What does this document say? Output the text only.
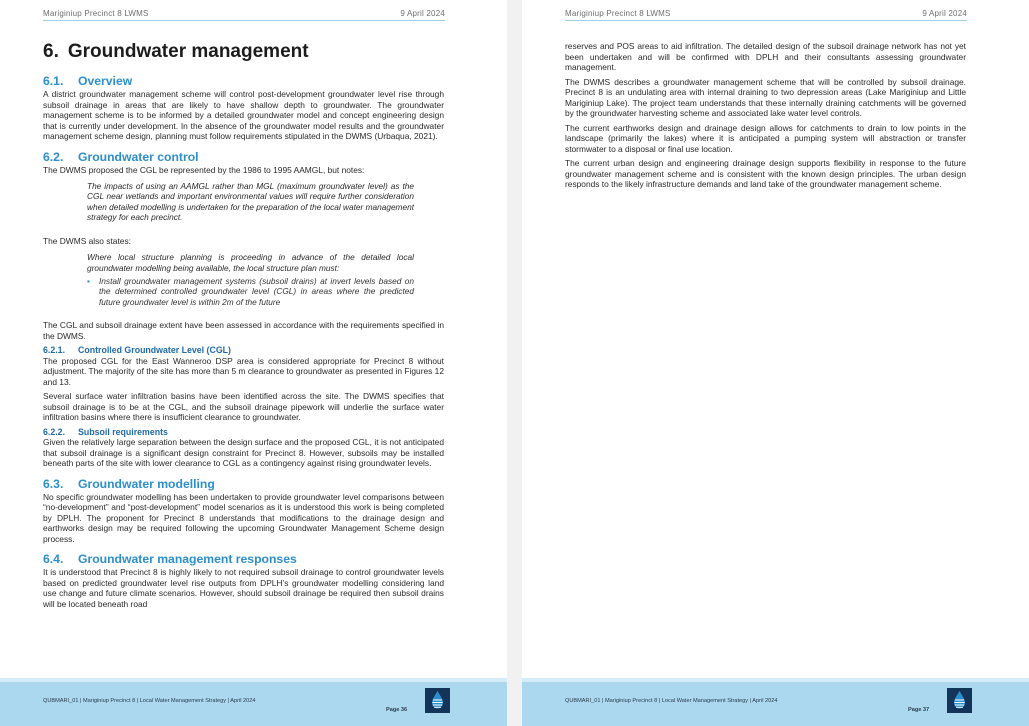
Mariginiup Precinct 8 LWMS	9 April 2024
6. Groundwater management
6.1. Overview

A district groundwater management scheme will control post-development groundwater level rise through subsoil drainage in areas that are likely to have shallow depth to groundwater. The groundwater management scheme is to be informed by a detailed groundwater model and concept engineering design that is currently under development. In the absence of the groundwater model results and the groundwater management scheme design, planning must follow requirements stipulated in the DWMS (Urbaqua, 2021).

6.2. Groundwater control

The DWMS proposed the CGL be represented by the 1986 to 1995 AAMGL, but notes:

The impacts of using an AAMGL rather than MGL (maximum groundwater level) as the CGL near wetlands and important environmental values will require further consideration when detailed modelling is undertaken for the preparation of the local water management strategy for each precinct.

The DWMS also states:

Where local structure planning is proceeding in advance of the detailed local groundwater modelling being available, the local structure plan must:

▪ Install groundwater management systems (subsoil drains) at invert levels based on the determined controlled groundwater level (CGL) in areas where the predicted future groundwater level is within 2m of the future

The CGL and subsoil drainage extent have been assessed in accordance with the requirements specified in the DWMS.

6.2.1. Controlled Groundwater Level (CGL)

The proposed CGL for the East Wanneroo DSP area is considered appropriate for Precinct 8 without adjustment. The majority of the site has more than 5 m clearance to groundwater as presented in Figures 12 and 13.

Several surface water infiltration basins have been identified across the site. The DWMS specifies that subsoil drainage is to be at the CGL, and the subsoil drainage pipework will underlie the surface water infiltration basins where there is insufficient clearance to groundwater.

6.2.2. Subsoil requirements

Given the relatively large separation between the design surface and the proposed CGL, it is not anticipated that subsoil drainage is a significant design constraint for Precinct 8. However, subsoils may be installed beneath parts of the site with lower clearance to CGL as a contingency against rising groundwater levels.

6.3. Groundwater modelling

No specific groundwater modelling has been undertaken to provide groundwater level comparisons between “no-development” and “post-development” model scenarios as it is understood this work is being completed by DPLH. The proponent for Precinct 8 understands that modifications to the drainage design and earthworks design may be required following the upcoming Groundwater Management Scheme design process.

6.4. Groundwater management responses

It is understood that Precinct 8 is highly likely to not required subsoil drainage to control groundwater levels based on predicted groundwater level rise outputs from DPLH’s groundwater modelling considering land use change and future climate scenarios. However, should subsoil drainage be required then subsoil drains will be located beneath road

QUBMARI_01 | Mariginiup Precinct 8 | Local Water Management Strategy | April 2024
Page 36
Mariginiup Precinct 8 LWMS	9 April 2024

reserves and POS areas to aid infiltration. The detailed design of the subsoil drainage network has not yet been undertaken and will be confirmed with DPLH and their consultants assessing groundwater management.

The DWMS describes a groundwater management scheme that will be controlled by subsoil drainage. Precinct 8 is an undulating area with internal draining to two depression areas (Lake Mariginiup and Little Mariginiup Lake). The project team understands that these internally draining catchments will be governed by the groundwater harvesting scheme and associated lake water level controls.

The current earthworks design and drainage design allows for catchments to drain to low points in the landscape (primarily the lakes) where it is anticipated a pumping system will abstraction or transfer stormwater to a disposal or final use location.

The current urban design and engineering drainage design supports flexibility in response to the future groundwater management scheme and is consistent with the known design principles. The urban design responds to the likely infrastructure demands and land take of the groundwater management scheme.

QUBMARI_01 | Mariginiup Precinct 8 | Local Water Management Strategy | April 2024
Page 37
